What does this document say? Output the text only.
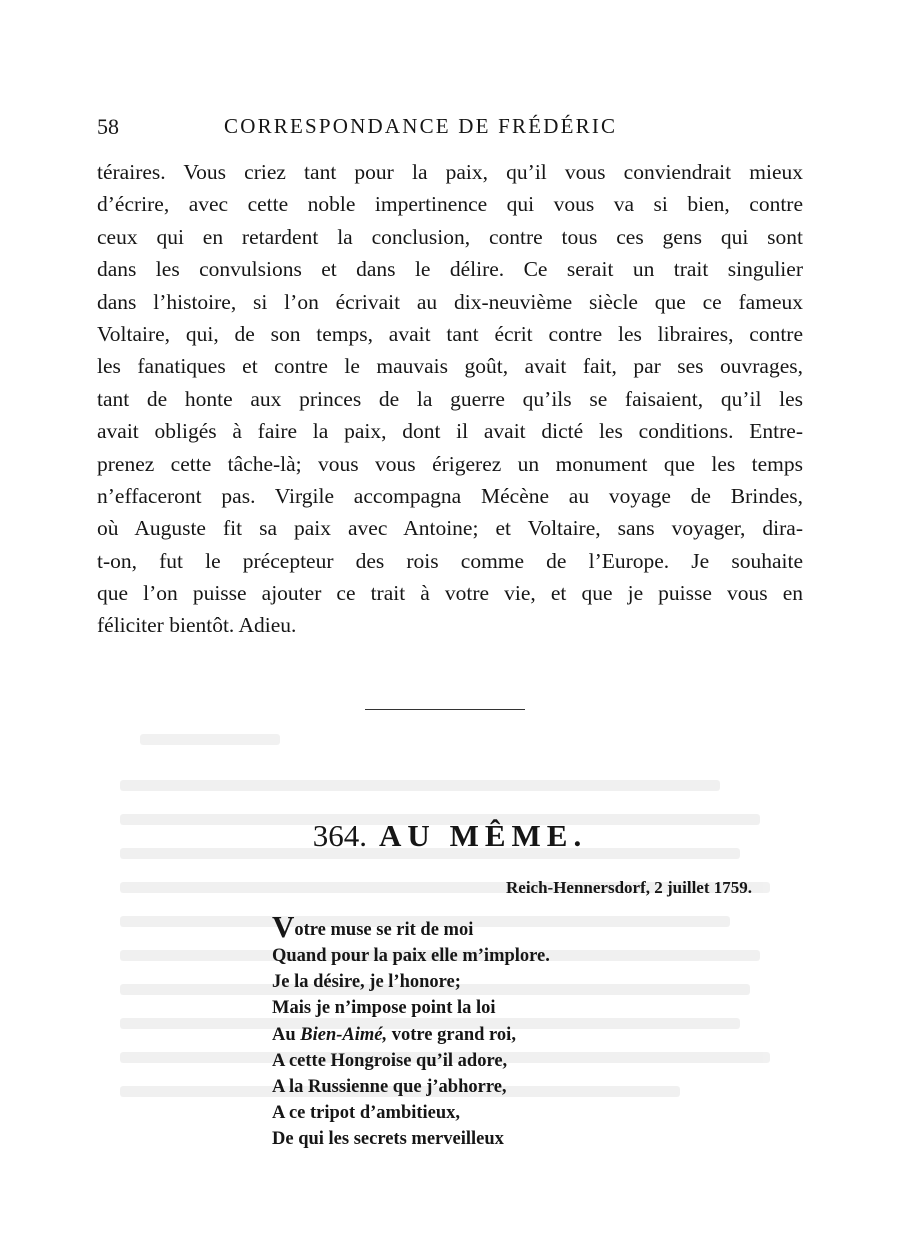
58	CORRESPONDANCE DE FRÉDÉRIC
téraires. Vous criez tant pour la paix, qu’il vous conviendrait mieux
d’écrire, avec cette noble impertinence qui vous va si bien, contre
ceux qui en retardent la conclusion, contre tous ces gens qui sont
dans les convulsions et dans le délire. Ce serait un trait singulier
dans l’histoire, si l’on écrivait au dix-neuvième siècle que ce fameux
Voltaire, qui, de son temps, avait tant écrit contre les libraires, contre
les fanatiques et contre le mauvais goût, avait fait, par ses ouvrages,
tant de honte aux princes de la guerre qu’ils se faisaient, qu’il les
avait obligés à faire la paix, dont il avait dicté les conditions. Entre-
prenez cette tâche-là; vous vous érigerez un monument que les temps
n’effaceront pas. Virgile accompagna Mécène au voyage de Brindes,
où Auguste fit sa paix avec Antoine; et Voltaire, sans voyager, dira-
t-on, fut le précepteur des rois comme de l’Europe. Je souhaite
que l’on puisse ajouter ce trait à votre vie, et que je puisse vous en
féliciter bientôt. Adieu.
364. AU MÊME.
Reich-Hennersdorf, 2 juillet 1759.
Votre muse se rit de moi
Quand pour la paix elle m’implore.
Je la désire, je l’honore;
Mais je n’impose point la loi
Au Bien-Aimé, votre grand roi,
A cette Hongroise qu’il adore,
A la Russienne que j’abhorre,
A ce tripot d’ambitieux,
De qui les secrets merveilleux
